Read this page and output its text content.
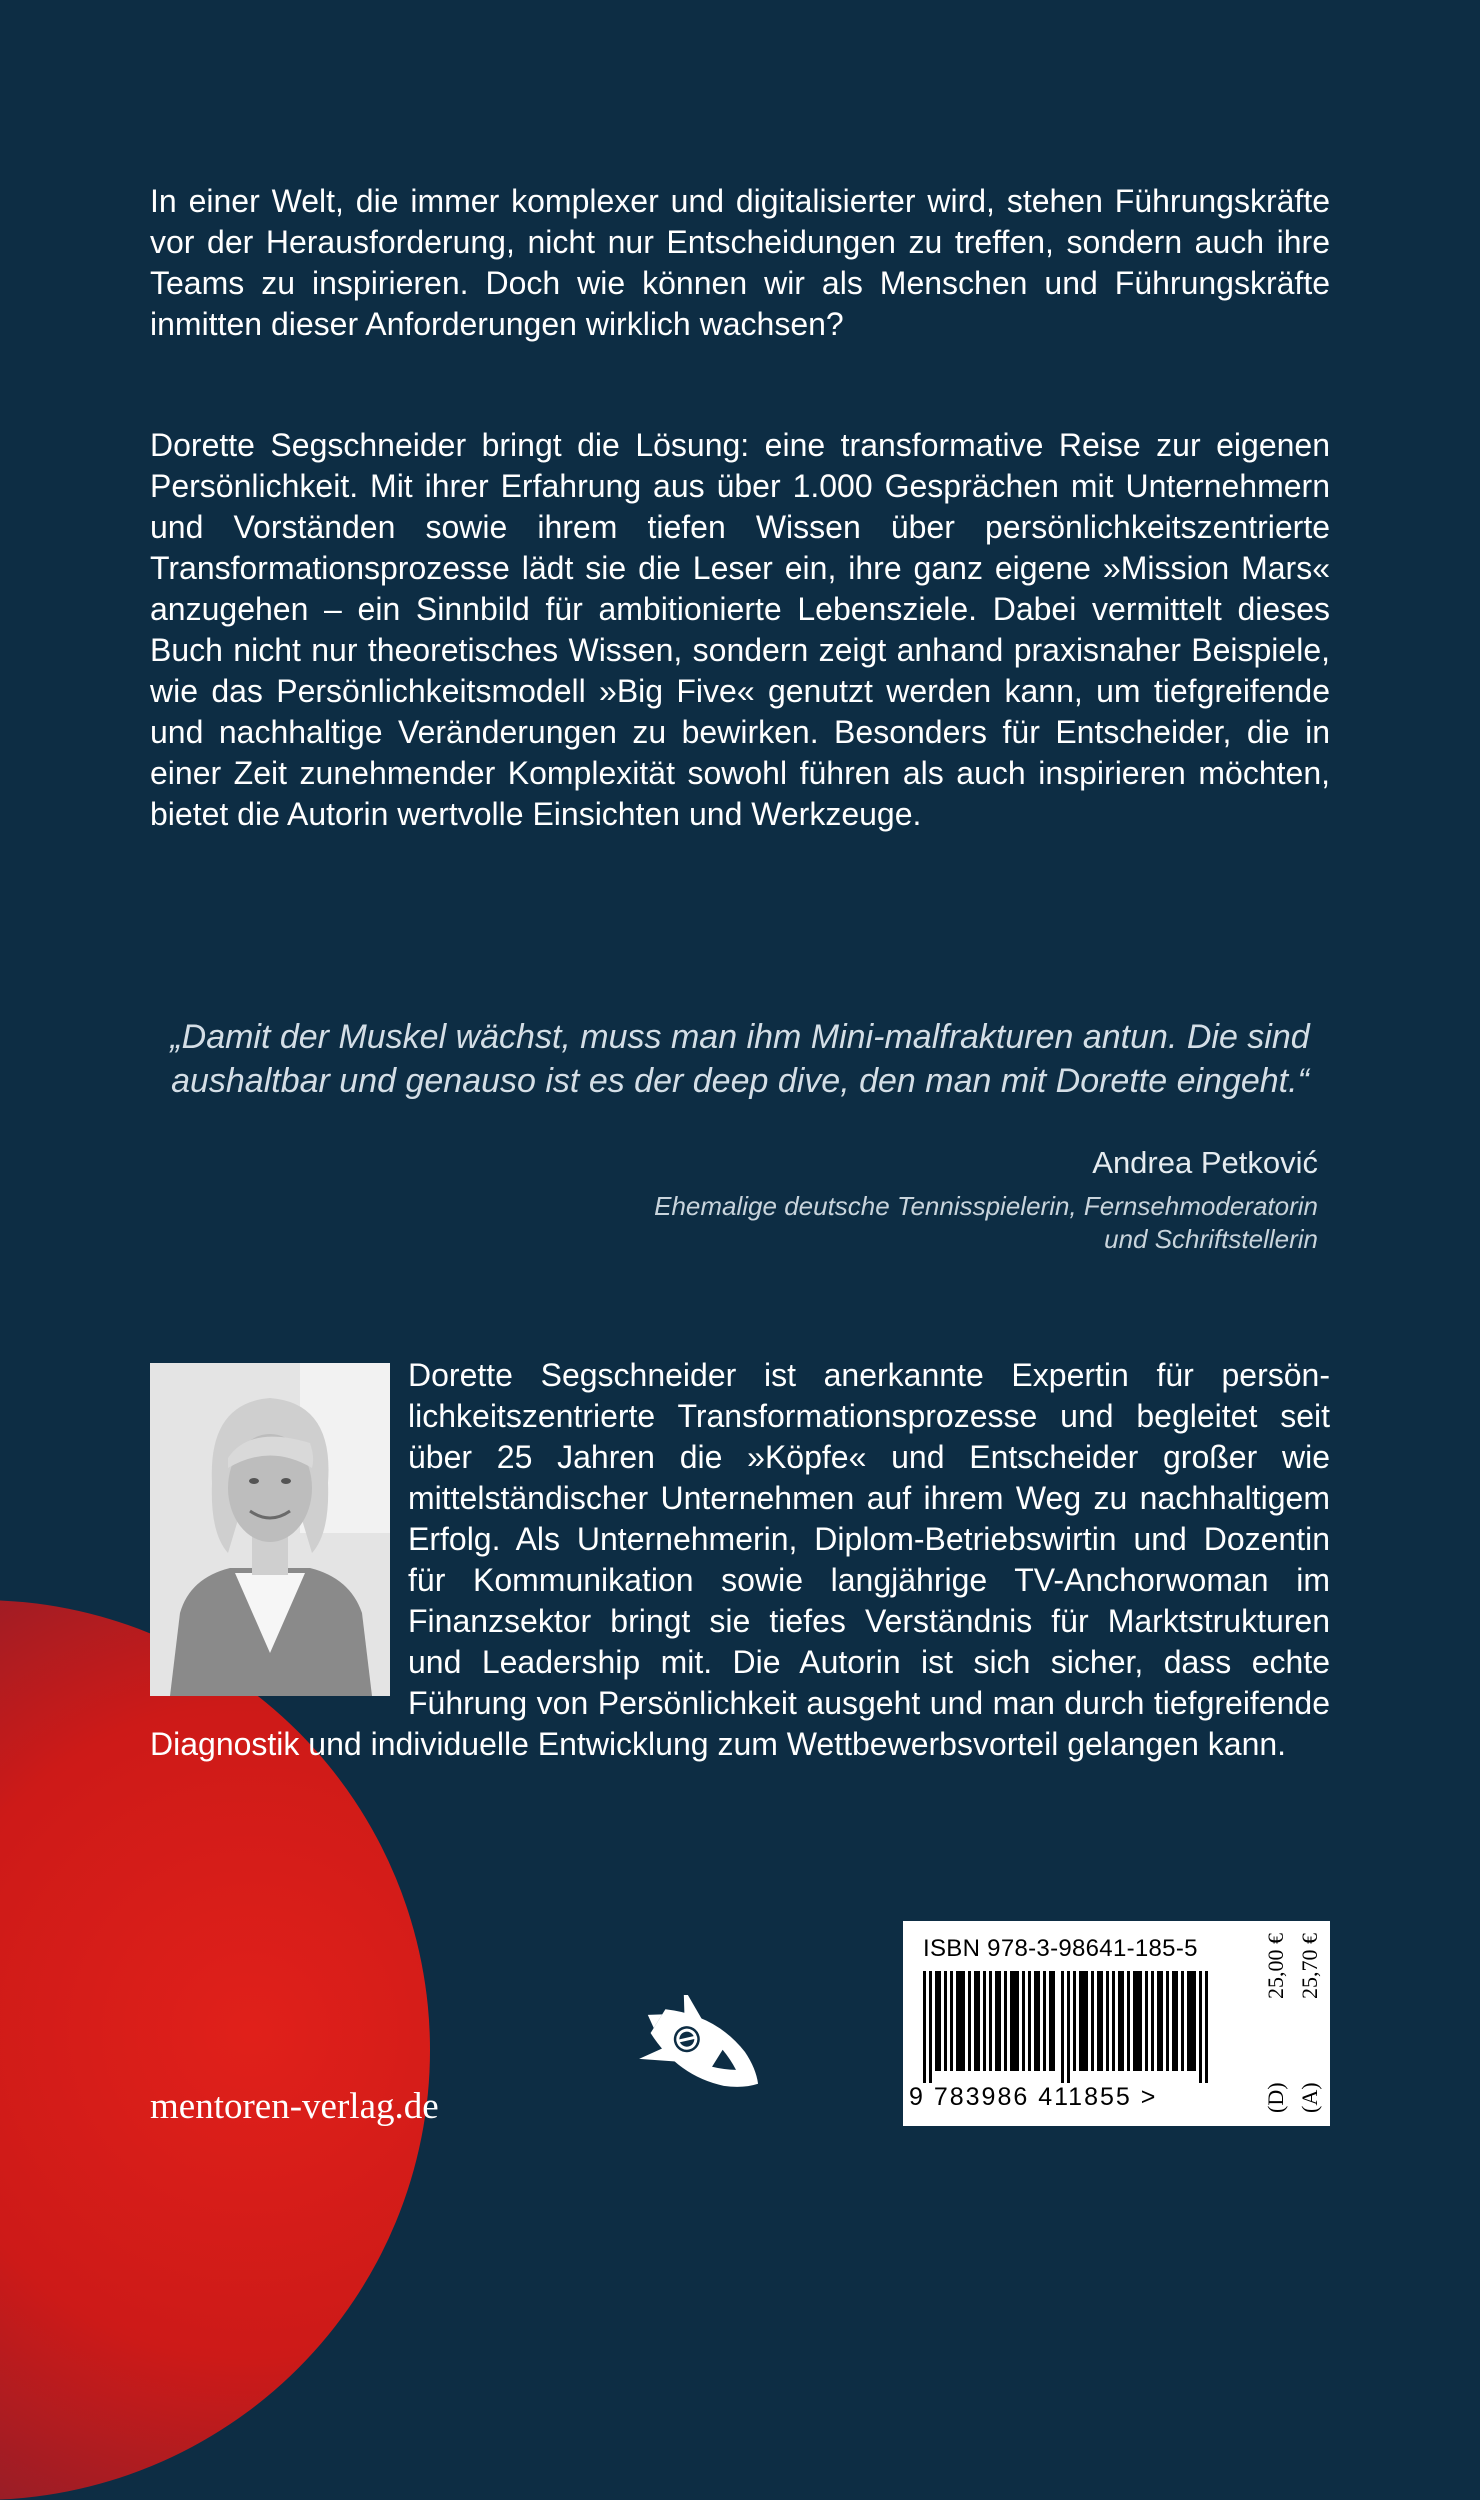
In einer Welt, die immer komplexer und digitalisierter wird, stehen Führungskräfte vor der Herausforderung, nicht nur Entscheidungen zu treffen, sondern auch ihre Teams zu inspirieren. Doch wie können wir als Menschen und Führungskräfte inmitten dieser Anforderungen wirklich wachsen?

Dorette Segschneider bringt die Lösung: eine transformative Reise zur eigenen Persönlichkeit. Mit ihrer Erfahrung aus über 1.000 Gesprächen mit Unternehmern und Vorständen sowie ihrem tiefen Wissen über persönlichkeitszentrierte Transformationsprozesse lädt sie die Leser ein, ihre ganz eigene »Mission Mars« anzugehen – ein Sinnbild für ambitionierte Lebensziele. Dabei vermittelt dieses Buch nicht nur theoretisches Wissen, sondern zeigt anhand praxisnaher Beispiele, wie das Persönlichkeitsmodell »Big Five« genutzt werden kann, um tiefgreifende und nachhaltige Veränderungen zu bewirken. Besonders für Entscheider, die in einer Zeit zunehmender Komplexität sowohl führen als auch inspirieren möchten, bietet die Autorin wertvolle Einsichten und Werkzeuge.

„Damit der Muskel wächst, muss man ihm Mini-malfrakturen antun. Die sind aushaltbar und genauso ist es der deep dive, den man mit Dorette eingeht.“

Andrea Petković
Ehemalige deutsche Tennisspielerin, Fernsehmoderatorin und Schriftstellerin

Dorette Segschneider ist anerkannte Expertin für persönlichkeitszentrierte Transformationsprozesse und begleitet seit über 25 Jahren die »Köpfe« und Entscheider großer wie mittelständischer Unternehmen auf ihrem Weg zu nachhaltigem Erfolg. Als Unternehmerin, Diplom-Betriebswirtin und Dozentin für Kommunikation sowie langjährige TV-Anchorwoman im Finanzsektor bringt sie tiefes Verständnis für Marktstrukturen und Leadership mit. Die Autorin ist sich sicher, dass echte Führung von Persönlichkeit ausgeht und man durch tiefgreifende Diagnostik und individuelle Entwicklung zum Wettbewerbsvorteil gelangen kann.

mentoren-verlag.de
ISBN 978-3-98641-185-5
9 783986 411855 >	(D)
25,00 €
(A)
25,70 €
